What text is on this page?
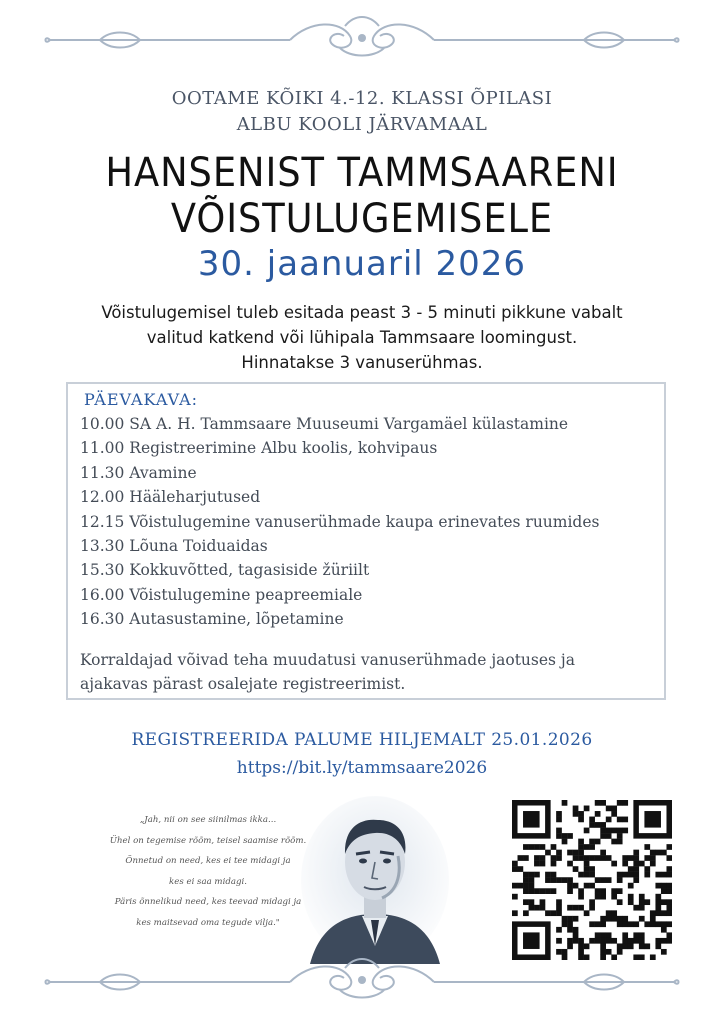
OOTAME KÕIKI 4.-12. KLASSI ÕPILASI
ALBU KOOLI JÄRVAMAAL
HANSENIST TAMMSAARENI
VÕISTULUGEMISELE
30. jaanuaril 2026
Võistulugemisel tuleb esitada peast 3 - 5 minuti pikkune vabalt
valitud katkend või lühipala Tammsaare loomingust.
Hinnatakse 3 vanuserühmas.
PÄEVAKAVA:
10.00 SA A. H. Tammsaare Muuseumi Vargamäel külastamine
11.00 Registreerimine Albu koolis, kohvipaus
11.30 Avamine
12.00 Hääleharjutused
12.15 Võistulugemine vanuserühmade kaupa erinevates ruumides
13.30 Lõuna Toiduaidas
15.30 Kokkuvõtted, tagasiside žüriilt
16.00 Võistulugemine peapreemiale
16.30 Autasustamine, lõpetamine
Korraldajad võivad teha muudatusi vanuserühmade jaotuses ja
ajakavas pärast osalejate registreerimist.
REGISTREERIDA PALUME HILJEMALT 25.01.2026
https://bit.ly/tammsaare2026
„Jah, nii on see siinilmas ikka...
Ühel on tegemise rõõm, teisel saamise rõõm.
Õnnetud on need, kes ei tee midagi ja
kes ei saa midagi.
Päris õnnelikud need, kes teevad midagi ja
kes maitsevad oma tegude vilja."
